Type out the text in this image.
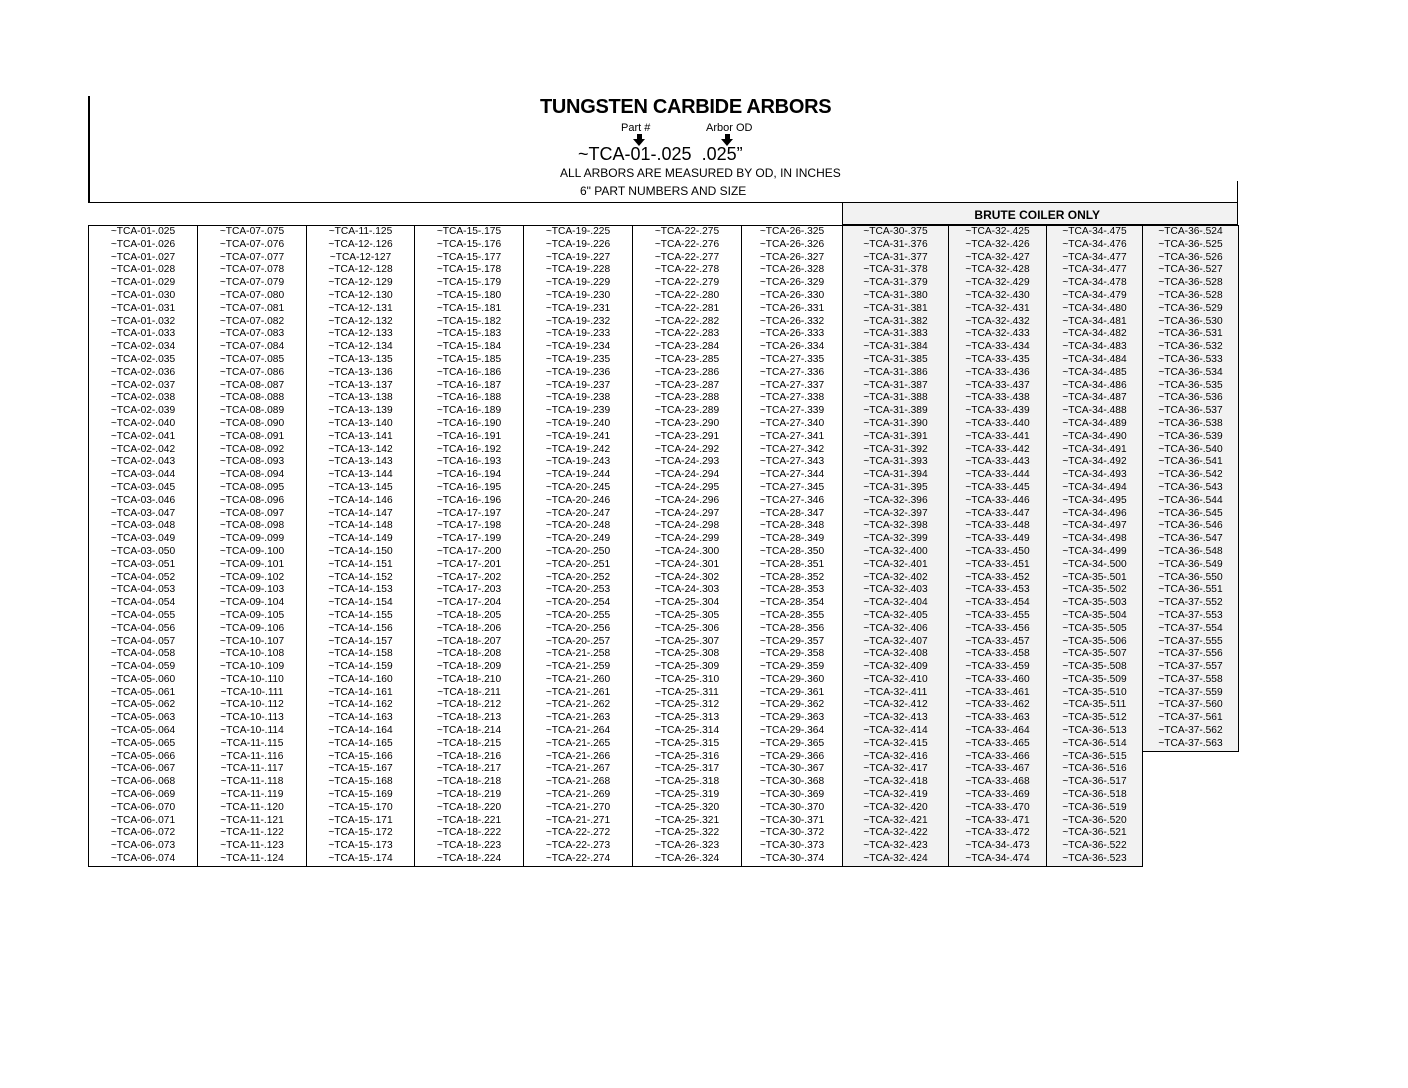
TUNGSTEN CARBIDE ARBORS
Part #	Arbor OD
~TCA-01-.025 .025”
ALL ARBORS ARE MEASURED BY OD, IN INCHES
6" PART NUMBERS AND SIZE
BRUTE COILER ONLY
~TCA-01-.025
~TCA-01-.026
~TCA-01-.027
~TCA-01-.028
~TCA-01-.029
~TCA-01-.030
~TCA-01-.031
~TCA-01-.032
~TCA-01-.033
~TCA-02-.034
~TCA-02-.035
~TCA-02-.036
~TCA-02-.037
~TCA-02-.038
~TCA-02-.039
~TCA-02-.040
~TCA-02-.041
~TCA-02-.042
~TCA-02-.043
~TCA-03-.044
~TCA-03-.045
~TCA-03-.046
~TCA-03-.047
~TCA-03-.048
~TCA-03-.049
~TCA-03-.050
~TCA-03-.051
~TCA-04-.052
~TCA-04-.053
~TCA-04-.054
~TCA-04-.055
~TCA-04-.056
~TCA-04-.057
~TCA-04-.058
~TCA-04-.059
~TCA-05-.060
~TCA-05-.061
~TCA-05-.062
~TCA-05-.063
~TCA-05-.064
~TCA-05-.065
~TCA-05-.066
~TCA-06-.067
~TCA-06-.068
~TCA-06-.069
~TCA-06-.070
~TCA-06-.071
~TCA-06-.072
~TCA-06-.073
~TCA-06-.074
~TCA-07-.075
~TCA-07-.076
~TCA-07-.077
~TCA-07-.078
~TCA-07-.079
~TCA-07-.080
~TCA-07-.081
~TCA-07-.082
~TCA-07-.083
~TCA-07-.084
~TCA-07-.085
~TCA-07-.086
~TCA-08-.087
~TCA-08-.088
~TCA-08-.089
~TCA-08-.090
~TCA-08-.091
~TCA-08-.092
~TCA-08-.093
~TCA-08-.094
~TCA-08-.095
~TCA-08-.096
~TCA-08-.097
~TCA-08-.098
~TCA-09-.099
~TCA-09-.100
~TCA-09-.101
~TCA-09-.102
~TCA-09-.103
~TCA-09-.104
~TCA-09-.105
~TCA-09-.106
~TCA-10-.107
~TCA-10-.108
~TCA-10-.109
~TCA-10-.110
~TCA-10-.111
~TCA-10-.112
~TCA-10-.113
~TCA-10-.114
~TCA-11-.115
~TCA-11-.116
~TCA-11-.117
~TCA-11-.118
~TCA-11-.119
~TCA-11-.120
~TCA-11-.121
~TCA-11-.122
~TCA-11-.123
~TCA-11-.124
~TCA-11-.125
~TCA-12-.126
~TCA-12-127
~TCA-12-.128
~TCA-12-.129
~TCA-12-.130
~TCA-12-.131
~TCA-12-.132
~TCA-12-.133
~TCA-12-.134
~TCA-13-.135
~TCA-13-.136
~TCA-13-.137
~TCA-13-.138
~TCA-13-.139
~TCA-13-.140
~TCA-13-.141
~TCA-13-.142
~TCA-13-.143
~TCA-13-.144
~TCA-13-.145
~TCA-14-.146
~TCA-14-.147
~TCA-14-.148
~TCA-14-.149
~TCA-14-.150
~TCA-14-.151
~TCA-14-.152
~TCA-14-.153
~TCA-14-.154
~TCA-14-.155
~TCA-14-.156
~TCA-14-.157
~TCA-14-.158
~TCA-14-.159
~TCA-14-.160
~TCA-14-.161
~TCA-14-.162
~TCA-14-.163
~TCA-14-.164
~TCA-14-.165
~TCA-15-.166
~TCA-15-.167
~TCA-15-.168
~TCA-15-.169
~TCA-15-.170
~TCA-15-.171
~TCA-15-.172
~TCA-15-.173
~TCA-15-.174
~TCA-15-.175
~TCA-15-.176
~TCA-15-.177
~TCA-15-.178
~TCA-15-.179
~TCA-15-.180
~TCA-15-.181
~TCA-15-.182
~TCA-15-.183
~TCA-15-.184
~TCA-15-.185
~TCA-16-.186
~TCA-16-.187
~TCA-16-.188
~TCA-16-.189
~TCA-16-.190
~TCA-16-.191
~TCA-16-.192
~TCA-16-.193
~TCA-16-.194
~TCA-16-.195
~TCA-16-.196
~TCA-17-.197
~TCA-17-.198
~TCA-17-.199
~TCA-17-.200
~TCA-17-.201
~TCA-17-.202
~TCA-17-.203
~TCA-17-.204
~TCA-18-.205
~TCA-18-.206
~TCA-18-.207
~TCA-18-.208
~TCA-18-.209
~TCA-18-.210
~TCA-18-.211
~TCA-18-.212
~TCA-18-.213
~TCA-18-.214
~TCA-18-.215
~TCA-18-.216
~TCA-18-.217
~TCA-18-.218
~TCA-18-.219
~TCA-18-.220
~TCA-18-.221
~TCA-18-.222
~TCA-18-.223
~TCA-18-.224
~TCA-19-.225
~TCA-19-.226
~TCA-19-.227
~TCA-19-.228
~TCA-19-.229
~TCA-19-.230
~TCA-19-.231
~TCA-19-.232
~TCA-19-.233
~TCA-19-.234
~TCA-19-.235
~TCA-19-.236
~TCA-19-.237
~TCA-19-.238
~TCA-19-.239
~TCA-19-.240
~TCA-19-.241
~TCA-19-.242
~TCA-19-.243
~TCA-19-.244
~TCA-20-.245
~TCA-20-.246
~TCA-20-.247
~TCA-20-.248
~TCA-20-.249
~TCA-20-.250
~TCA-20-.251
~TCA-20-.252
~TCA-20-.253
~TCA-20-.254
~TCA-20-.255
~TCA-20-.256
~TCA-20-.257
~TCA-21-.258
~TCA-21-.259
~TCA-21-.260
~TCA-21-.261
~TCA-21-.262
~TCA-21-.263
~TCA-21-.264
~TCA-21-.265
~TCA-21-.266
~TCA-21-.267
~TCA-21-.268
~TCA-21-.269
~TCA-21-.270
~TCA-21-.271
~TCA-22-.272
~TCA-22-.273
~TCA-22-.274
~TCA-22-.275
~TCA-22-.276
~TCA-22-.277
~TCA-22-.278
~TCA-22-.279
~TCA-22-.280
~TCA-22-.281
~TCA-22-.282
~TCA-22-.283
~TCA-23-.284
~TCA-23-.285
~TCA-23-.286
~TCA-23-.287
~TCA-23-.288
~TCA-23-.289
~TCA-23-.290
~TCA-23-.291
~TCA-24-.292
~TCA-24-.293
~TCA-24-.294
~TCA-24-.295
~TCA-24-.296
~TCA-24-.297
~TCA-24-.298
~TCA-24-.299
~TCA-24-.300
~TCA-24-.301
~TCA-24-.302
~TCA-24-.303
~TCA-25-.304
~TCA-25-.305
~TCA-25-.306
~TCA-25-.307
~TCA-25-.308
~TCA-25-.309
~TCA-25-.310
~TCA-25-.311
~TCA-25-.312
~TCA-25-.313
~TCA-25-.314
~TCA-25-.315
~TCA-25-.316
~TCA-25-.317
~TCA-25-.318
~TCA-25-.319
~TCA-25-.320
~TCA-25-.321
~TCA-25-.322
~TCA-26-.323
~TCA-26-.324
~TCA-26-.325
~TCA-26-.326
~TCA-26-.327
~TCA-26-.328
~TCA-26-.329
~TCA-26-.330
~TCA-26-.331
~TCA-26-.332
~TCA-26-.333
~TCA-26-.334
~TCA-27-.335
~TCA-27-.336
~TCA-27-.337
~TCA-27-.338
~TCA-27-.339
~TCA-27-.340
~TCA-27-.341
~TCA-27-.342
~TCA-27-.343
~TCA-27-.344
~TCA-27-.345
~TCA-27-.346
~TCA-28-.347
~TCA-28-.348
~TCA-28-.349
~TCA-28-.350
~TCA-28-.351
~TCA-28-.352
~TCA-28-.353
~TCA-28-.354
~TCA-28-.355
~TCA-28-.356
~TCA-29-.357
~TCA-29-.358
~TCA-29-.359
~TCA-29-.360
~TCA-29-.361
~TCA-29-.362
~TCA-29-.363
~TCA-29-.364
~TCA-29-.365
~TCA-29-.366
~TCA-30-.367
~TCA-30-.368
~TCA-30-.369
~TCA-30-.370
~TCA-30-.371
~TCA-30-.372
~TCA-30-.373
~TCA-30-.374
~TCA-30-.375
~TCA-31-.376
~TCA-31-.377
~TCA-31-.378
~TCA-31-.379
~TCA-31-.380
~TCA-31-.381
~TCA-31-.382
~TCA-31-.383
~TCA-31-.384
~TCA-31-.385
~TCA-31-.386
~TCA-31-.387
~TCA-31-.388
~TCA-31-.389
~TCA-31-.390
~TCA-31-.391
~TCA-31-.392
~TCA-31-.393
~TCA-31-.394
~TCA-31-.395
~TCA-32-.396
~TCA-32-.397
~TCA-32-.398
~TCA-32-.399
~TCA-32-.400
~TCA-32-.401
~TCA-32-.402
~TCA-32-.403
~TCA-32-.404
~TCA-32-.405
~TCA-32-.406
~TCA-32-.407
~TCA-32-.408
~TCA-32-.409
~TCA-32-.410
~TCA-32-.411
~TCA-32-.412
~TCA-32-.413
~TCA-32-.414
~TCA-32-.415
~TCA-32-.416
~TCA-32-.417
~TCA-32-.418
~TCA-32-.419
~TCA-32-.420
~TCA-32-.421
~TCA-32-.422
~TCA-32-.423
~TCA-32-.424
~TCA-32-.425
~TCA-32-.426
~TCA-32-.427
~TCA-32-.428
~TCA-32-.429
~TCA-32-.430
~TCA-32-.431
~TCA-32-.432
~TCA-32-.433
~TCA-33-.434
~TCA-33-.435
~TCA-33-.436
~TCA-33-.437
~TCA-33-.438
~TCA-33-.439
~TCA-33-.440
~TCA-33-.441
~TCA-33-.442
~TCA-33-.443
~TCA-33-.444
~TCA-33-.445
~TCA-33-.446
~TCA-33-.447
~TCA-33-.448
~TCA-33-.449
~TCA-33-.450
~TCA-33-.451
~TCA-33-.452
~TCA-33-.453
~TCA-33-.454
~TCA-33-.455
~TCA-33-.456
~TCA-33-.457
~TCA-33-.458
~TCA-33-.459
~TCA-33-.460
~TCA-33-.461
~TCA-33-.462
~TCA-33-.463
~TCA-33-.464
~TCA-33-.465
~TCA-33-.466
~TCA-33-.467
~TCA-33-.468
~TCA-33-.469
~TCA-33-.470
~TCA-33-.471
~TCA-33-.472
~TCA-34-.473
~TCA-34-.474
~TCA-34-.475
~TCA-34-.476
~TCA-34-.477
~TCA-34-.477
~TCA-34-.478
~TCA-34-.479
~TCA-34-.480
~TCA-34-.481
~TCA-34-.482
~TCA-34-.483
~TCA-34-.484
~TCA-34-.485
~TCA-34-.486
~TCA-34-.487
~TCA-34-.488
~TCA-34-.489
~TCA-34-.490
~TCA-34-.491
~TCA-34-.492
~TCA-34-.493
~TCA-34-.494
~TCA-34-.495
~TCA-34-.496
~TCA-34-.497
~TCA-34-.498
~TCA-34-.499
~TCA-34-.500
~TCA-35-.501
~TCA-35-.502
~TCA-35-.503
~TCA-35-.504
~TCA-35-.505
~TCA-35-.506
~TCA-35-.507
~TCA-35-.508
~TCA-35-.509
~TCA-35-.510
~TCA-35-.511
~TCA-35-.512
~TCA-36-.513
~TCA-36-.514
~TCA-36-.515
~TCA-36-.516
~TCA-36-.517
~TCA-36-.518
~TCA-36-.519
~TCA-36-.520
~TCA-36-.521
~TCA-36-.522
~TCA-36-.523
~TCA-36-.524
~TCA-36-.525
~TCA-36-.526
~TCA-36-.527
~TCA-36-.528
~TCA-36-.528
~TCA-36-.529
~TCA-36-.530
~TCA-36-.531
~TCA-36-.532
~TCA-36-.533
~TCA-36-.534
~TCA-36-.535
~TCA-36-.536
~TCA-36-.537
~TCA-36-.538
~TCA-36-.539
~TCA-36-.540
~TCA-36-.541
~TCA-36-.542
~TCA-36-.543
~TCA-36-.544
~TCA-36-.545
~TCA-36-.546
~TCA-36-.547
~TCA-36-.548
~TCA-36-.549
~TCA-36-.550
~TCA-36-.551
~TCA-37-.552
~TCA-37-.553
~TCA-37-.554
~TCA-37-.555
~TCA-37-.556
~TCA-37-.557
~TCA-37-.558
~TCA-37-.559
~TCA-37-.560
~TCA-37-.561
~TCA-37-.562
~TCA-37-.563
